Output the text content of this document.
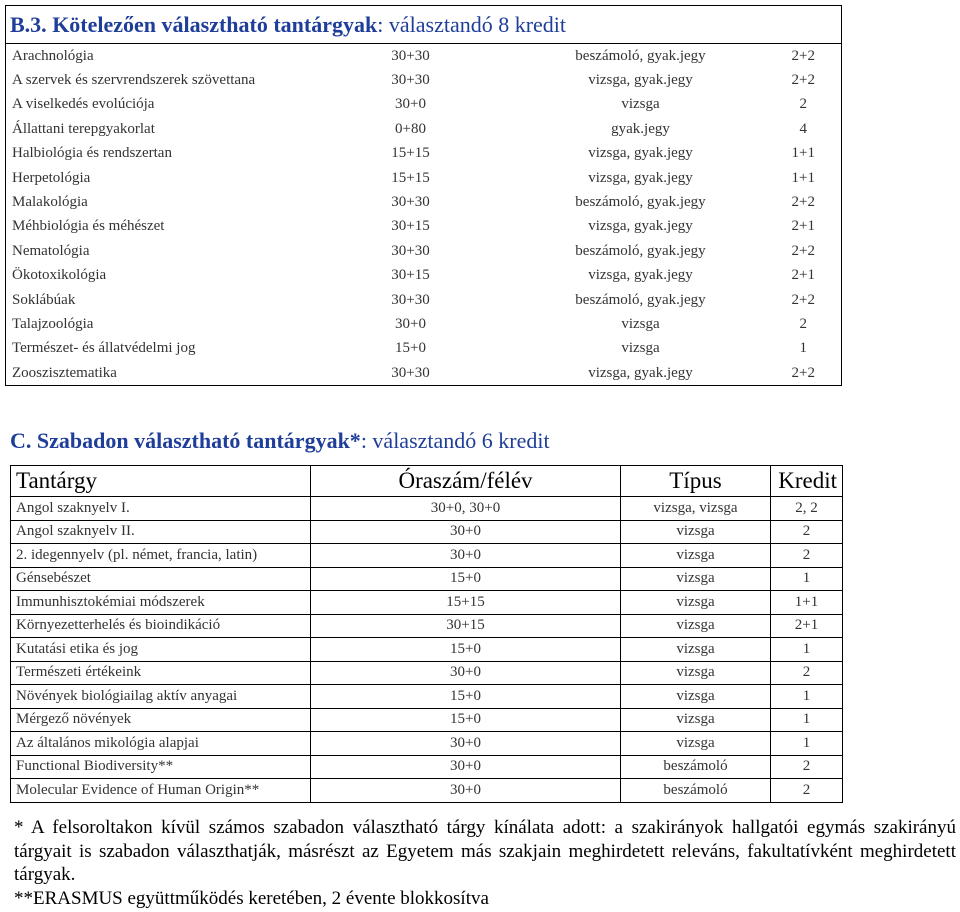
B.3. Kötelezően választható tantárgyak: választandó 8 kredit			
Arachnológia	30+30	beszámoló, gyak.jegy	2+2
A szervek és szervrendszerek szövettana	30+30	vizsga, gyak.jegy	2+2
A viselkedés evolúciója	30+0	vizsga	2
Állattani terepgyakorlat	0+80	gyak.jegy	4
Halbiológia és rendszertan	15+15	vizsga, gyak.jegy	1+1
Herpetológia	15+15	vizsga, gyak.jegy	1+1
Malakológia	30+30	beszámoló, gyak.jegy	2+2
Méhbiológia és méhészet	30+15	vizsga, gyak.jegy	2+1
Nematológia	30+30	beszámoló, gyak.jegy	2+2
Ökotoxikológia	30+15	vizsga, gyak.jegy	2+1
Soklábúak	30+30	beszámoló, gyak.jegy	2+2
Talajzoológia	30+0	vizsga	2
Természet- és állatvédelmi jog	15+0	vizsga	1
Zooszisztematika	30+30	vizsga, gyak.jegy	2+2
C. Szabadon választható tantárgyak*: választandó 6 kredit
Tantárgy	Óraszám/félév	Típus	Kredit
Angol szaknyelv I.	30+0, 30+0	vizsga, vizsga	2, 2
Angol szaknyelv II.	30+0	vizsga	2
2. idegennyelv (pl. német, francia, latin)	30+0	vizsga	2
Génsebészet	15+0	vizsga	1
Immunhisztokémiai módszerek	15+15	vizsga	1+1
Környezetterhelés és bioindikáció	30+15	vizsga	2+1
Kutatási etika és jog	15+0	vizsga	1
Természeti értékeink	30+0	vizsga	2
Növények biológiailag aktív anyagai	15+0	vizsga	1
Mérgező növények	15+0	vizsga	1
Az általános mikológia alapjai	30+0	vizsga	1
Functional Biodiversity**	30+0	beszámoló	2
Molecular Evidence of Human Origin**	30+0	beszámoló	2

* A felsoroltakon kívül számos szabadon választható tárgy kínálata adott: a szakirányok hallgatói egymás szakirányú tárgyait is szabadon választhatják, másrészt az Egyetem más szakjain meghirdetett releváns, fakultatívként meghirdetett tárgyak.

**ERASMUS együttműködés keretében, 2 évente blokkosítva
